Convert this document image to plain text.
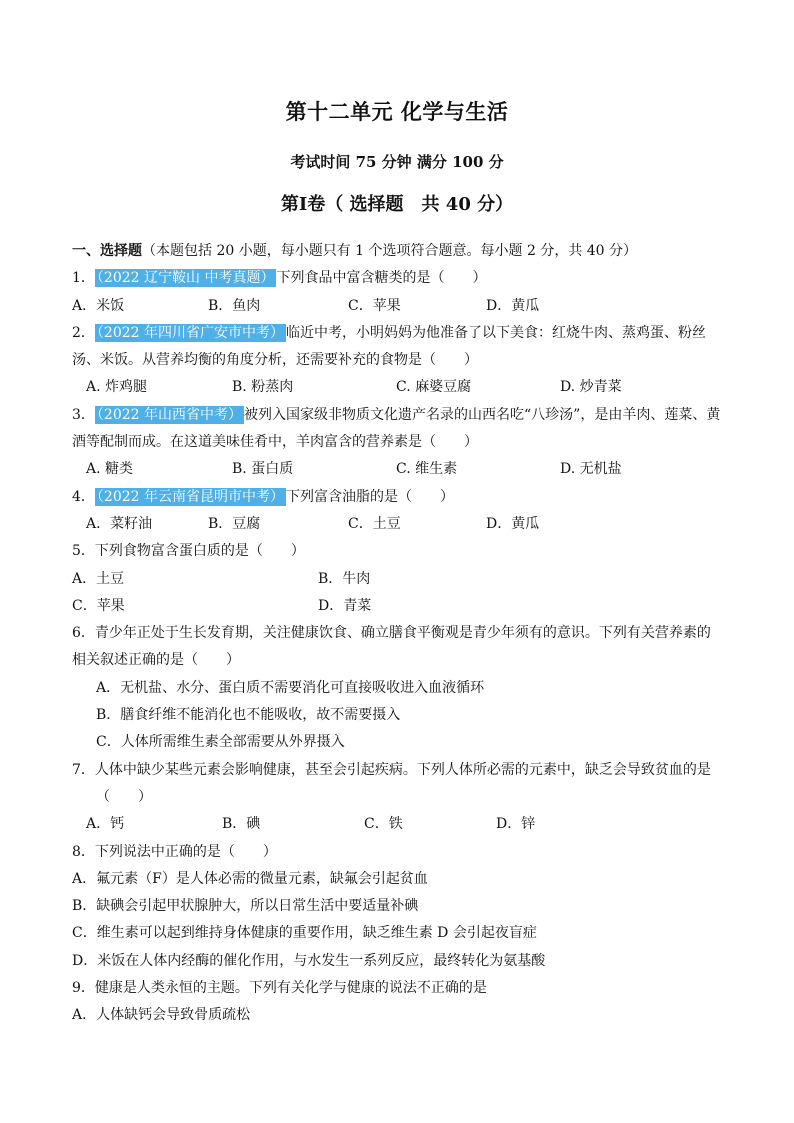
第十二单元 化学与生活
考试时间 75 分钟 满分 100 分
第Ⅰ卷（ 选择题　共 40 分）
一、选择题（本题包括 20 小题，每小题只有 1 个选项符合题意。每小题 2 分，共 40 分）
1． （2022 辽宁鞍山 中考真题） 下列食品中富含糖类的是（　　）
A．米饭	B．鱼肉	C．苹果	D．黄瓜
2． （2022 年四川省广安市中考） 临近中考，小明妈妈为他准备了以下美食：红烧牛肉、蒸鸡蛋、粉丝
汤、米饭。从营养均衡的角度分析，还需要补充的食物是（　　）
A. 炸鸡腿	B. 粉蒸肉	C. 麻婆豆腐	D. 炒青菜
3． （2022 年山西省中考） 被列入国家级非物质文化遗产名录的山西名吃“八珍汤”，是由羊肉、莲菜、黄
酒等配制而成。在这道美味佳肴中，羊肉富含的营养素是（　　）
A. 糖类	B. 蛋白质	C. 维生素	D. 无机盐
4． （2022 年云南省昆明市中考） 下列富含油脂的是（　　）
A．菜籽油	B．豆腐	C．土豆	D．黄瓜
5．下列食物富含蛋白质的是（　　）
A．土豆	B．牛肉
C．苹果	D．青菜
6．青少年正处于生长发育期，关注健康饮食、确立膳食平衡观是青少年须有的意识。下列有关营养素的
相关叙述正确的是（　　）
A．无机盐、水分、蛋白质不需要消化可直接吸收进入血液循环
B．膳食纤维不能消化也不能吸收，故不需要摄入
C．人体所需维生素全部需要从外界摄入
7．人体中缺少某些元素会影响健康，甚至会引起疾病。下列人体所必需的元素中，缺乏会导致贫血的是
（　　）
A．钙	B．碘	C．铁	D．锌
8．下列说法中正确的是（　　）
A．氟元素（F）是人体必需的微量元素，缺氟会引起贫血
B．缺碘会引起甲状腺肿大，所以日常生活中要适量补碘
C．维生素可以起到维持身体健康的重要作用，缺乏维生素 D 会引起夜盲症
D．米饭在人体内经酶的催化作用，与水发生一系列反应，最终转化为氨基酸
9．健康是人类永恒的主题。下列有关化学与健康的说法不正确的是
A．人体缺钙会导致骨质疏松
